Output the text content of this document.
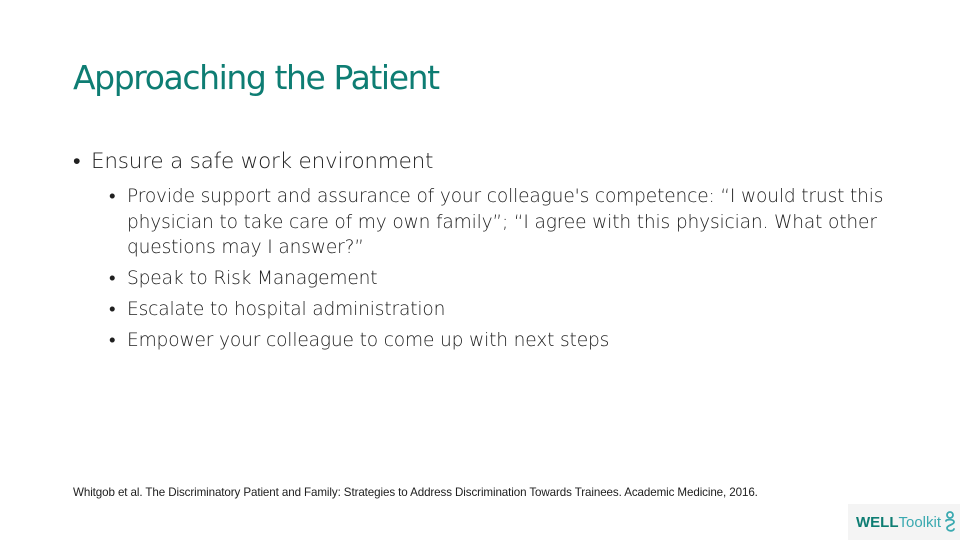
Approaching the Patient
• Ensure a safe work environment
• Provide support and assurance of your colleague's competence: “I would trust this physician to take care of my own family”; “I agree with this physician. What other questions may I answer?”
• Speak to Risk Management
• Escalate to hospital administration
• Empower your colleague to come up with next steps
Whitgob et al. The Discriminatory Patient and Family: Strategies to Address Discrimination Towards Trainees. Academic Medicine, 2016.
WELLToolkit
